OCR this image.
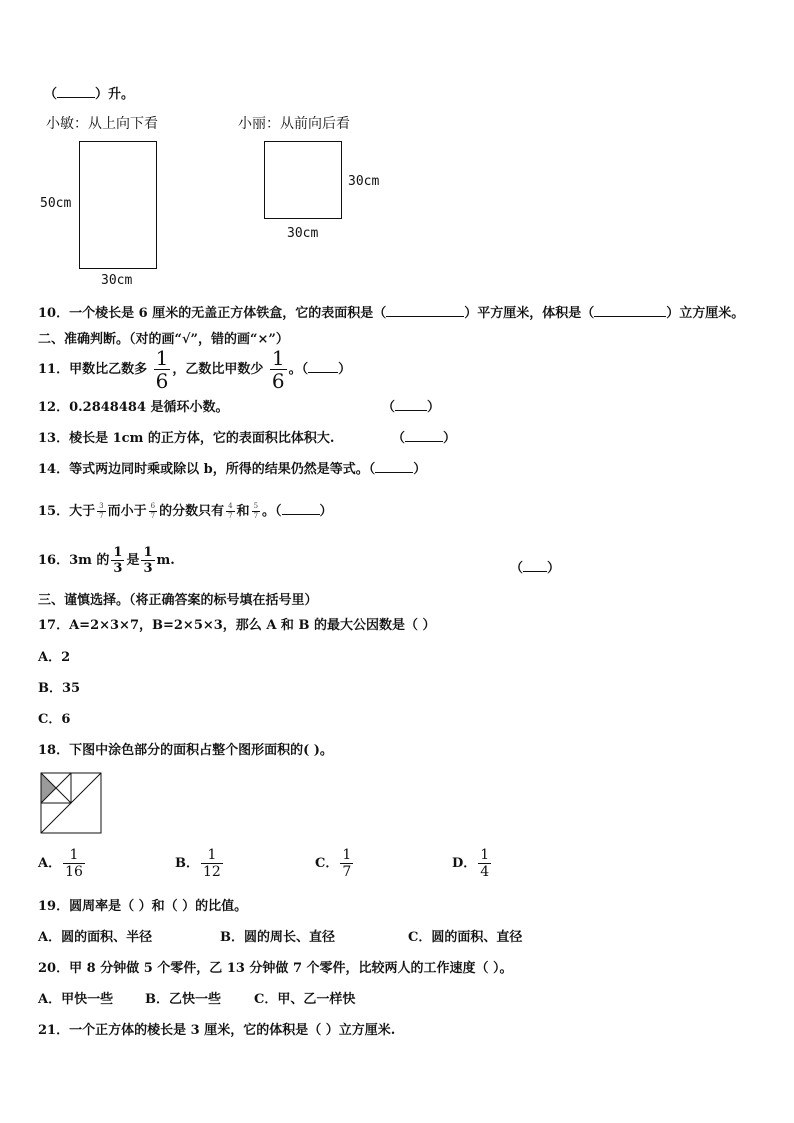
（	）升。
小敏：从上向下看	小丽：从前向后看
50cm
30cm
30cm
30cm
10．一个棱长是 6 厘米的无盖正方体铁盒，它的表面积是（	）平方厘米，体积是（	）立方厘米。
二、准确判断。（对的画“√”，错的画“×”）
11．甲数比乙数多 $\frac{1}{6}$ ，乙数比甲数少 $\frac{1}{6}$ 。（ ）
12．0.2848484 是循环小数。	（ ）
13．棱长是 1cm 的正方体，它的表面积比体积大.	（	）
14．等式两边同时乘或除以 b，所得的结果仍然是等式。（	）
15．大于 $\frac{3}{7}$ 而小于 $\frac{6}{7}$ 的分数只有 $\frac{4}{7}$ 和 $\frac{5}{7}$ 。（	）
16．3m 的 $\frac{1}{3}$ 是 $\frac{1}{3} m$.
（ ）
三、谨慎选择。（将正确答案的标号填在括号里）
17．A=2×3×7，B=2×5×3，那么 A 和 B 的最大公因数是（ ）
A．2
B．35
C．6
18．下图中涂色部分的面积占整个图形面积的( )。
A． $\frac{1}{16}$	B． $\frac{1}{12}$	C． $\frac{1}{7}$	D． $\frac{1}{4}$
19．圆周率是（ ）和（ ）的比值。
A．圆的面积、半径	B．圆的周长、直径	C．圆的面积、直径
20．甲 8 分钟做 5 个零件，乙 13 分钟做 7 个零件，比较两人的工作速度（ ）。
A．甲快一些 B．乙快一些	C．甲、乙一样快
21．一个正方体的棱长是 3 厘米，它的体积是（ ）立方厘米.
